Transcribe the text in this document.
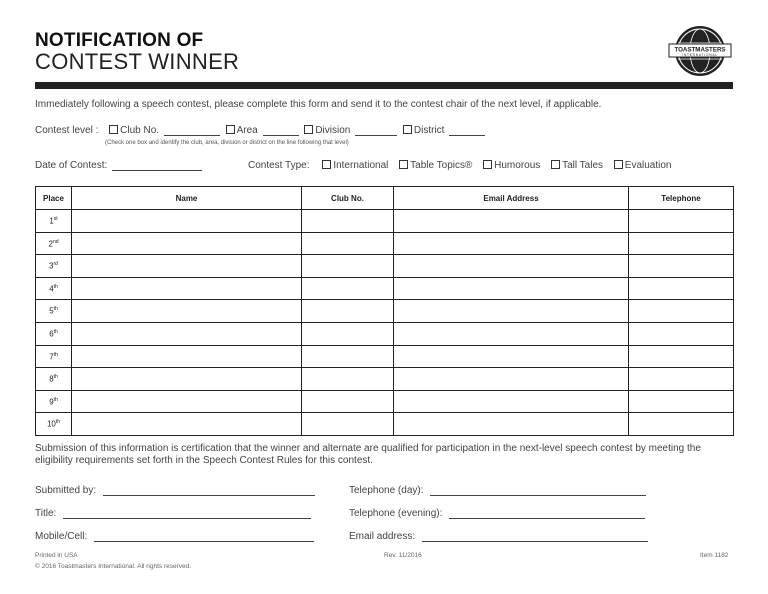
NOTIFICATION OF
CONTEST WINNER	TOASTMASTERS
INTERNATIONAL
Immediately following a speech contest, please complete this form and send it to the contest chair of the next level, if applicable.
Contest level : Club No.	Area	Division	District
(Check one box and identify the club, area, division or district on the line following that level)
Date of Contest:	Contest Type: International Table Topics® Humorous Tall Tales Evaluation
Place	Name	Club No.	Email Address	Telephone
1st				
2nd				
3rd				
4th				
5th				
6th				
7th				
8th				
9th				
10th				
Submission of this information is certification that the winner and alternate are qualified for participation in the next-level speech contest by meeting the eligibility requirements set forth in the Speech Contest Rules for this contest.
Submitted by:
Title:
Mobile/Cell:
Telephone (day):
Telephone (evening):
Email address:
Printed in USA
© 2016 Toastmasters International. All rights reserved.
Rev. 11/2016	Item 1182
